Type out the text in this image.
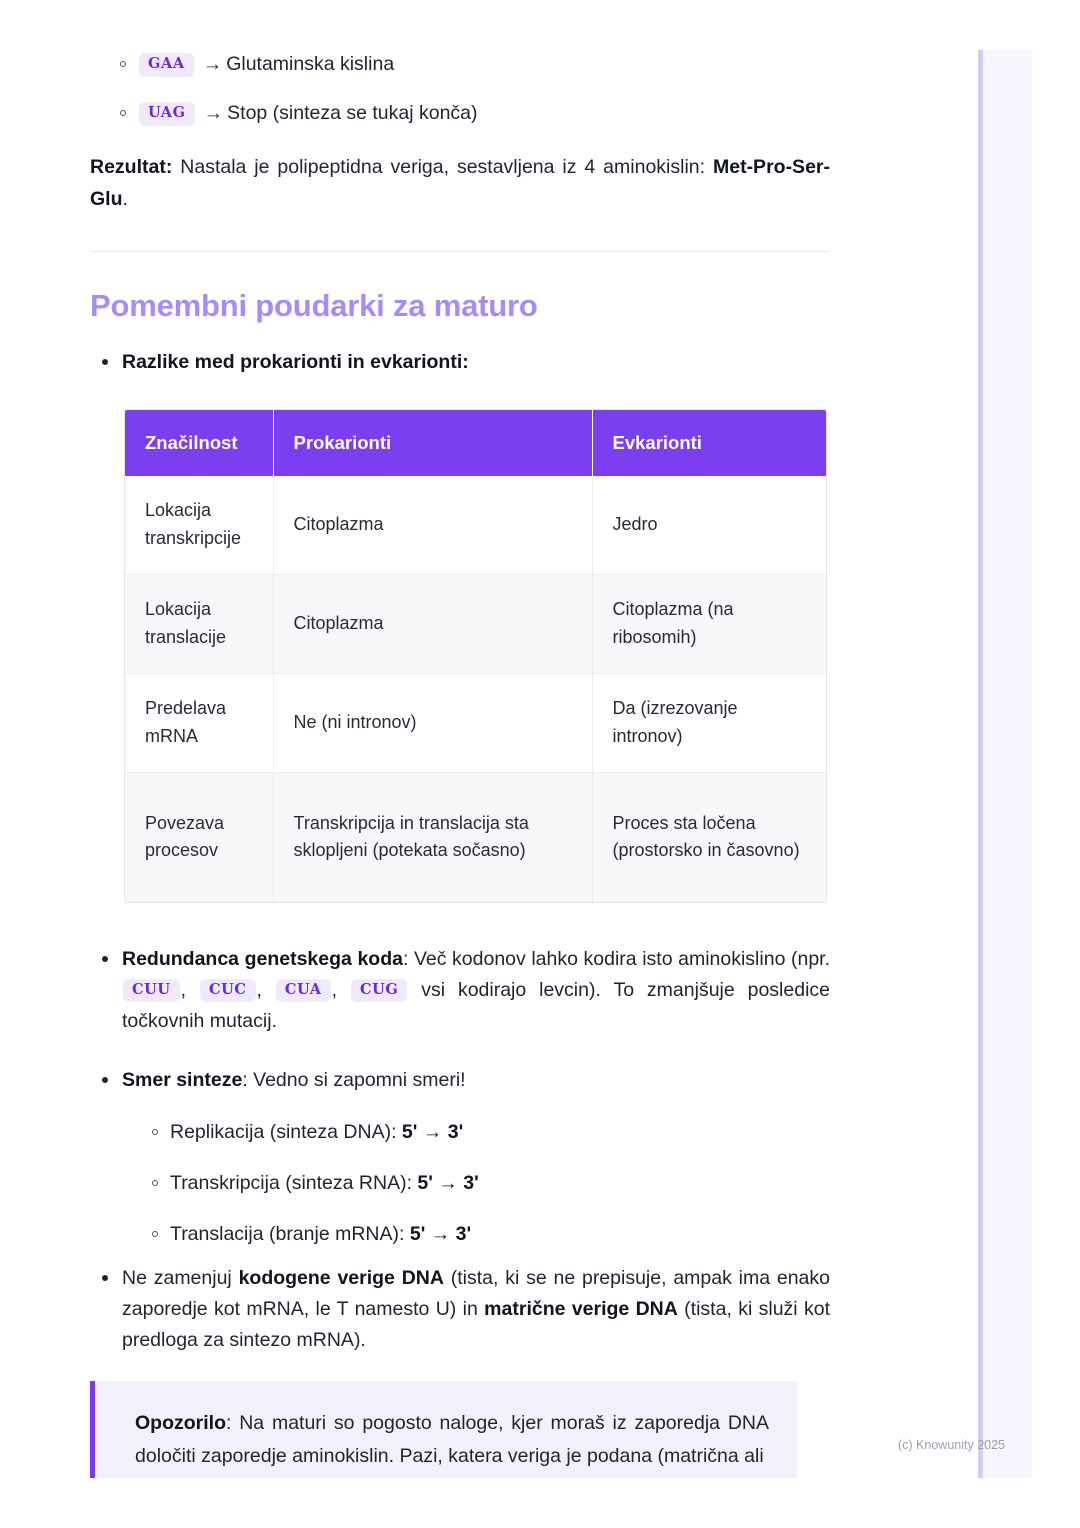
GAA → Glutaminska kislina
UAG → Stop (sinteza se tukaj konča)

Rezultat: Nastala je polipeptidna veriga, sestavljena iz 4 aminokislin: Met-Pro-Ser-Glu.

Pomembni poudarki za maturo
Razlike med prokarionti in evkarionti:
Značilnost	Prokarionti	Evkarionti
Lokacija transkripcije	Citoplazma	Jedro
Lokacija translacije	Citoplazma	Citoplazma (na ribosomih)
Predelava mRNA	Ne (ni intronov)	Da (izrezovanje intronov)
Povezava procesov	Transkripcija in translacija sta sklopljeni (potekata sočasno)	Proces sta ločena (prostorsko in časovno)
Redundanca genetskega koda: Več kodonov lahko kodira isto aminokislino (npr. CUU , CUC , CUA , CUG vsi kodirajo levcin). To zmanjšuje posledice točkovnih mutacij.
Smer sinteze: Vedno si zapomni smeri!
Replikacija (sinteza DNA): 5' → 3'
Transkripcija (sinteza RNA): 5' → 3'
Translacija (branje mRNA): 5' → 3'
Ne zamenjuj kodogene verige DNA (tista, ki se ne prepisuje, ampak ima enako zaporedje kot mRNA, le T namesto U) in matrične verige DNA (tista, ki služi kot predloga za sintezo mRNA).
Opozorilo: Na maturi so pogosto naloge, kjer moraš iz zaporedja DNA določiti zaporedje aminokislin. Pazi, katera veriga je podana (matrična ali
(c) Knowunity 2025
